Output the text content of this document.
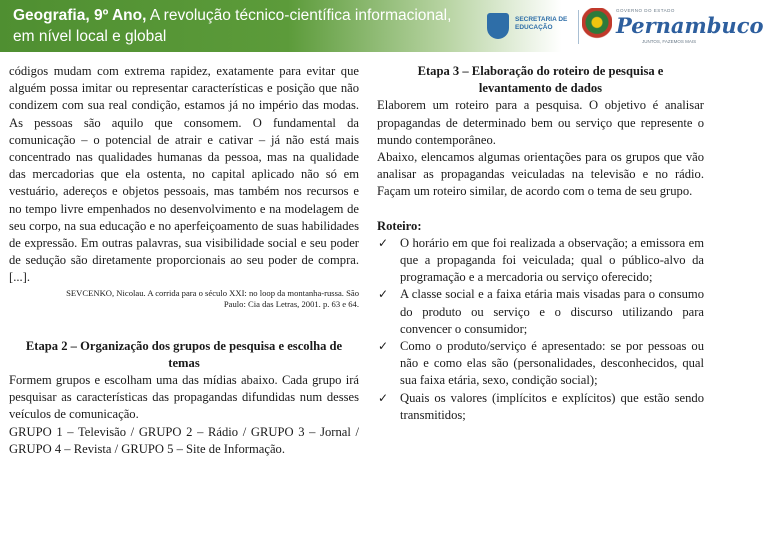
Geografia, 9º Ano, A revolução técnico-científica informacional, em nível local e global
SECRETARIA DE EDUCAÇÃO
GOVERNO DO ESTADO
Pernambuco
JUNTOS, FAZEMOS MAIS

códigos mudam com extrema rapidez, exatamente para evitar que alguém possa imitar ou representar características e posição que não condizem com sua real condição, estamos já no império das modas. As pessoas são aquilo que consomem. O fundamental da comunicação – o potencial de atrair e cativar – já não está mais concentrado nas qualidades humanas da pessoa, mas na qualidade das mercadorias que ela ostenta, no capital aplicado não só em vestuário, adereços e objetos pessoais, mas também nos recursos e no tempo livre empenhados no desenvolvimento e na modelagem de seu corpo, na sua educação e no aperfeiçoamento de suas habilidades de expressão. Em outras palavras, sua visibilidade social e seu poder de sedução são diretamente proporcionais ao seu poder de compra. [...].

SEVCENKO, Nicolau. A corrida para o século XXI: no loop da montanha-russa. São
Paulo: Cia das Letras, 2001. p. 63 e 64.

Etapa 2 – Organização dos grupos de pesquisa e escolha de temas

Formem grupos e escolham uma das mídias abaixo. Cada grupo irá pesquisar as características das propagandas difundidas num desses veículos de comunicação.

GRUPO 1 – Televisão / GRUPO 2 – Rádio / GRUPO 3 – Jornal / GRUPO 4 – Revista / GRUPO 5 – Site de Informação.

Etapa 3 – Elaboração do roteiro de pesquisa e
levantamento de dados

Elaborem um roteiro para a pesquisa. O objetivo é analisar propagandas de determinado bem ou serviço que represente o mundo contemporâneo.

Abaixo, elencamos algumas orientações para os grupos que vão analisar as propagandas veiculadas na televisão e no rádio. Façam um roteiro similar, de acordo com o tema de seu grupo.

Roteiro:

✓ O horário em que foi realizada a observação; a emissora em que a propaganda foi veiculada; qual o público-alvo da programação e a mercadoria ou serviço oferecido;
✓ A classe social e a faixa etária mais visadas para o consumo do produto ou serviço e o discurso utilizando para convencer o consumidor;
✓ Como o produto/serviço é apresentado: se por pessoas ou não e como elas são (personalidades, desconhecidos, qual sua faixa etária, sexo, condição social);
✓ Quais os valores (implícitos e explícitos) que estão sendo transmitidos;
